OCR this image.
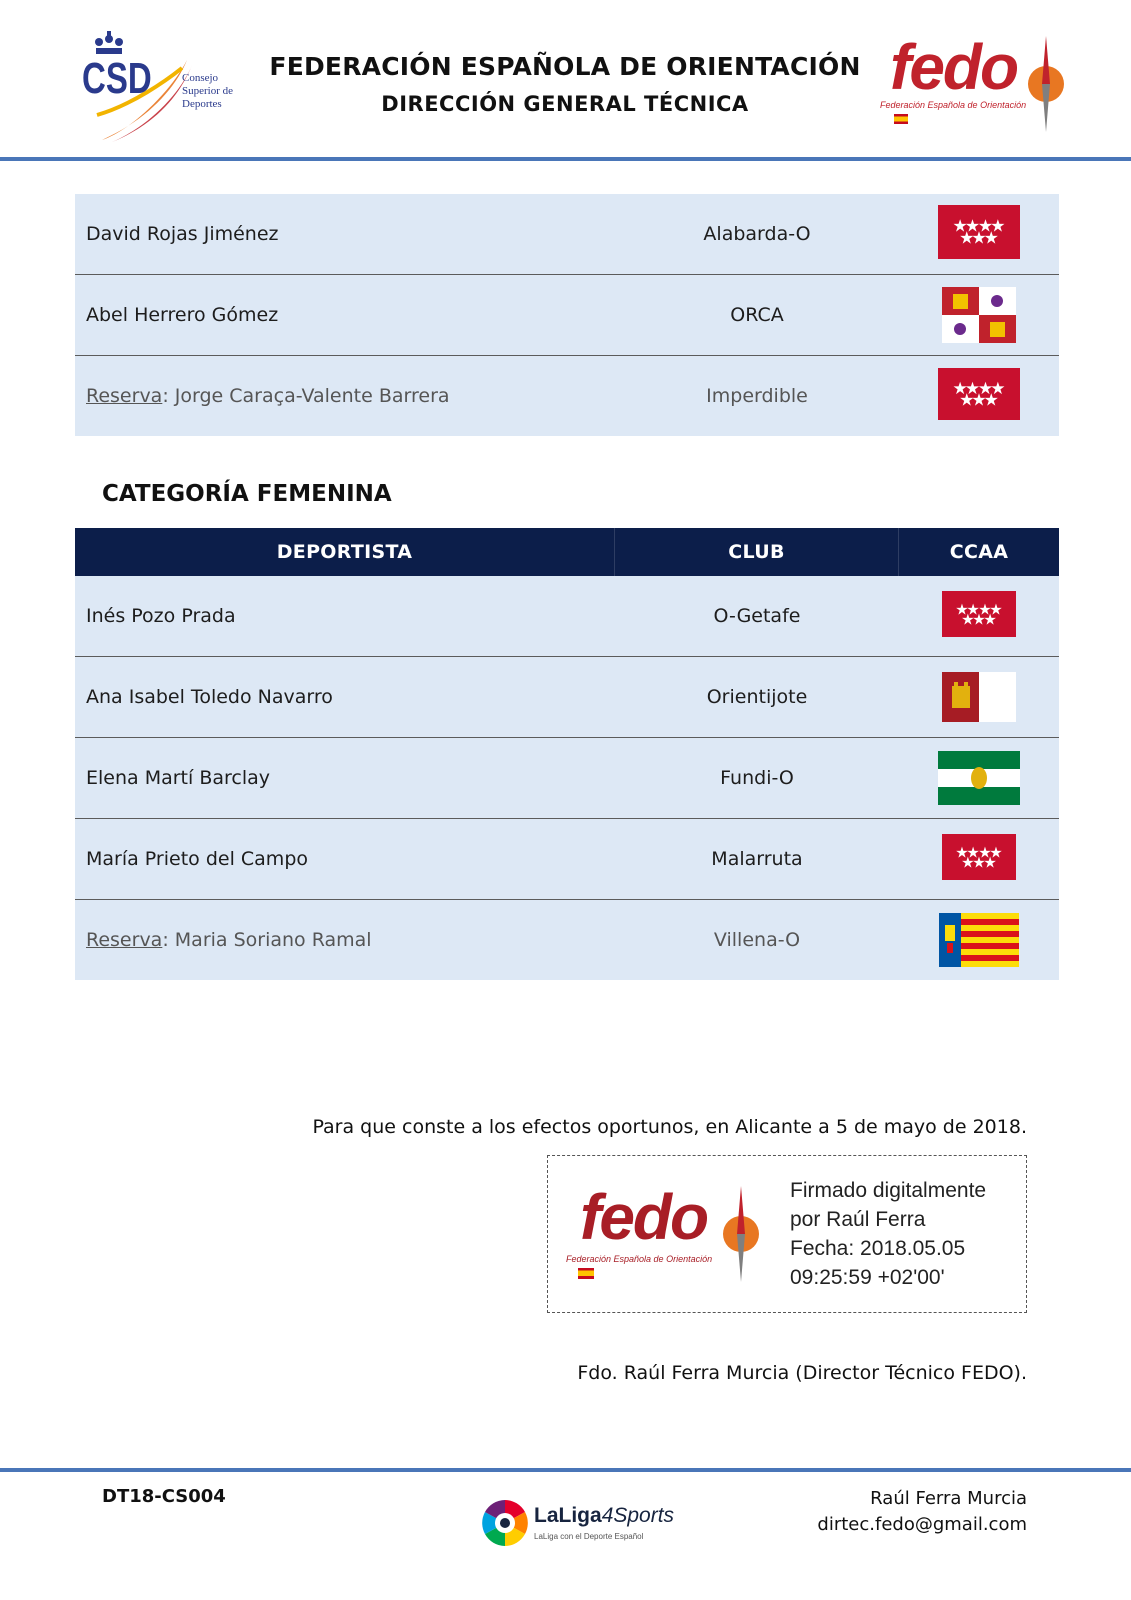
CSD	Consejo
Superior de
Deportes
FEDERACIÓN ESPAÑOLA DE ORIENTACIÓN
DIRECCIÓN GENERAL TÉCNICA
fedo
Federación Española de Orientación
David Rojas Jiménez	Alabarda-O	★
★
★
★
★
★
★
Abel Herrero Gómez	ORCA
Reserva: Jorge Caraça-Valente Barrera	Imperdible	★
★
★
★
★
★
★
CATEGORÍA FEMENINA
DEPORTISTA	CLUB	CCAA
Inés Pozo Prada	O-Getafe	★
★
★
★
★
★
★
Ana Isabel Toledo Navarro	Orientijote
Elena Martí Barclay	Fundi-O
María Prieto del Campo	Malarruta	★
★
★
★
★
★
★
Reserva: Maria Soriano Ramal	Villena-O
Para que conste a los efectos oportunos, en Alicante a 5 de mayo de 2018.
fedo
Federación Española de Orientación
Firmado digitalmente
por Raúl Ferra
Fecha: 2018.05.05
09:25:59 +02'00'
Fdo. Raúl Ferra Murcia (Director Técnico FEDO).
DT18-CS004
LaLiga4Sports
LaLiga con el Deporte Español
Raúl Ferra Murcia
dirtec.fedo@gmail.com
